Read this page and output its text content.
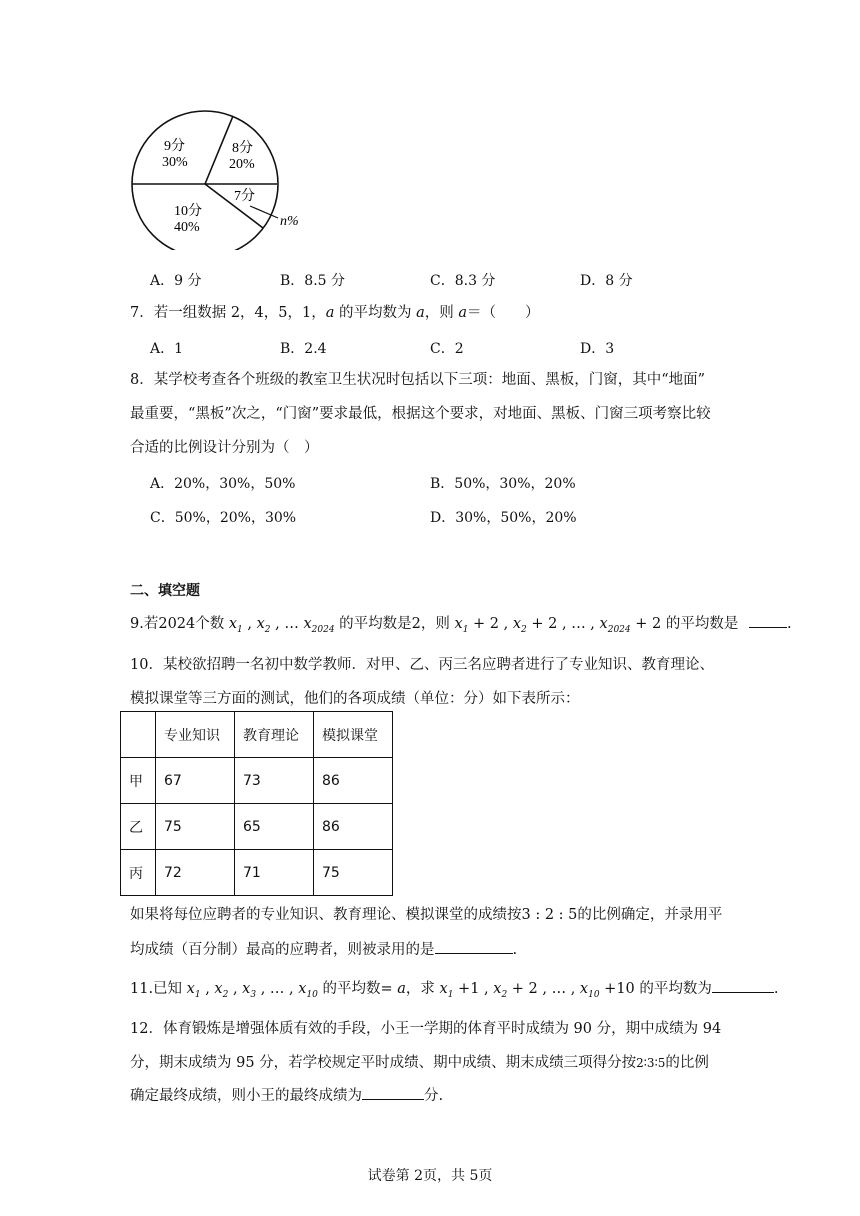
9分
30%
8分
20%
7分
n%
10分
40%
A．9 分	B．8.5 分	C．8.3 分	D．8 分
7．若一组数据 2，4，5，1，a 的平均数为 a，则 a＝（　　）
A．1	B．2.4	C．2	D．3
8．某学校考查各个班级的教室卫生状况时包括以下三项：地面、黑板，门窗，其中“地面”
最重要，“黑板”次之，“门窗”要求最低，根据这个要求，对地面、黑板、门窗三项考察比较
合适的比例设计分别为（　）
A．20%，30%，50%	B．50%，30%，20%
C．50%，20%，30%	D．30%，50%，20%
二、填空题
9.若2024个数 $x_1$ , $x_2$ , … $x_{2024}$ 的平均数是2，则 $x_1 + 2$ , $x_2 + 2$ , … , $x_{2024} + 2$ 的平均数是	.
10．某校欲招聘一名初中数学教师．对甲、乙、丙三名应聘者进行了专业知识、教育理论、
模拟课堂等三方面的测试，他们的各项成绩（单位：分）如下表所示：
	专业知识	教育理论	模拟课堂
甲	67	73	86
乙	75	65	86
丙	72	71	75
如果将每位应聘者的专业知识、教育理论、模拟课堂的成绩按3 : 2 : 5的比例确定，并录用平
均成绩（百分制）最高的应聘者，则被录用的是	.
11.已知 $x_1$ , $x_2$ , $x_3$ , … , $x_{10}$ 的平均数= a，求 $x_1 +1$ , $x_2 + 2$ , … , $x_{10} +10$ 的平均数为	.
12．体育锻炼是增强体质有效的手段，小王一学期的体育平时成绩为 90 分，期中成绩为 94
分，期末成绩为 95 分，若学校规定平时成绩、期中成绩、期末成绩三项得分按2∶3∶5的比例
确定最终成绩，则小王的最终成绩为	分.
试卷第 2页，共 5页
